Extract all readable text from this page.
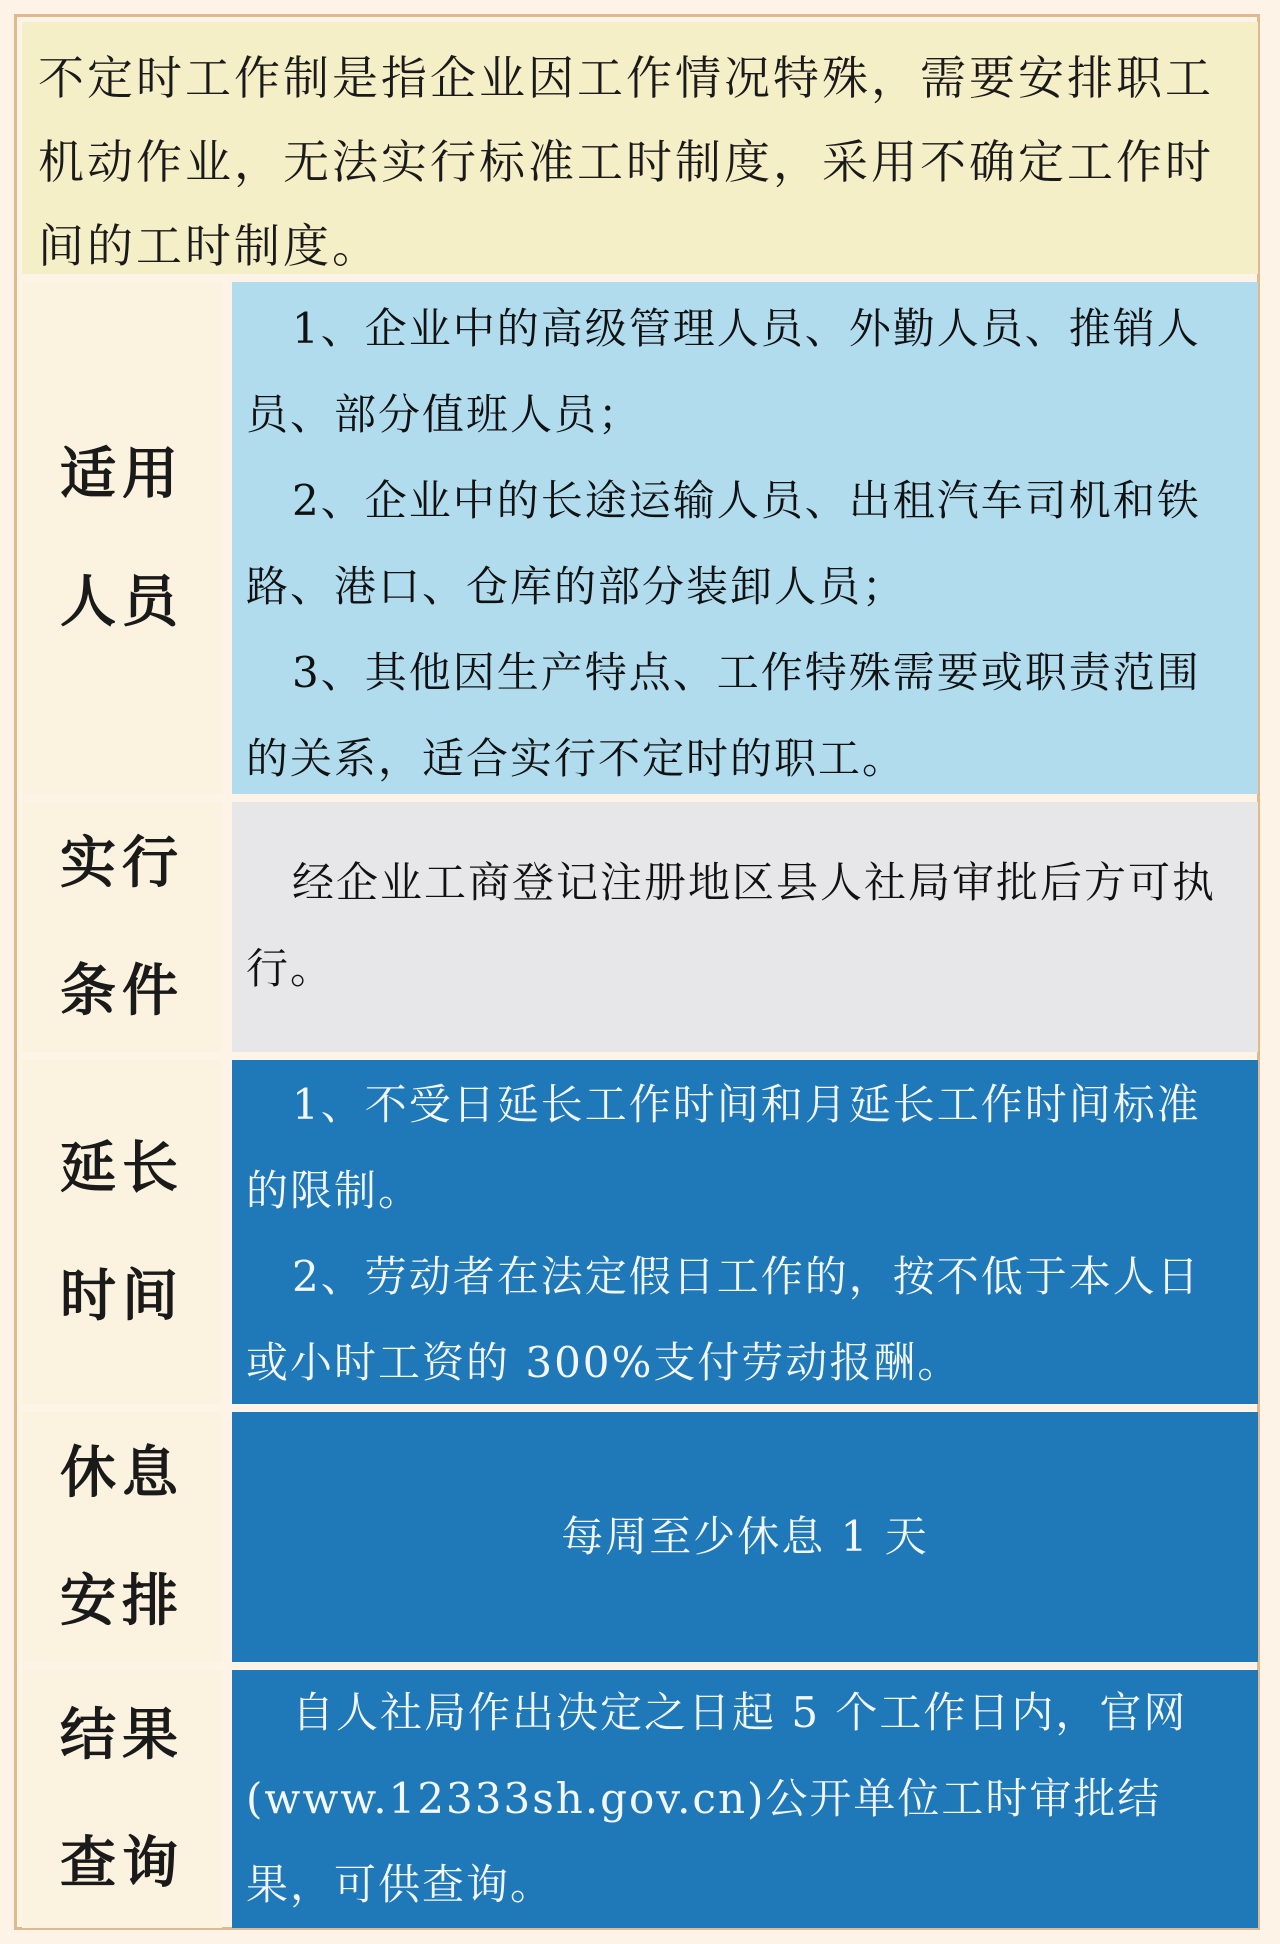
不定时工作制是指企业因工作情况特殊，需要安排职工机动作业，无法实行标准工时制度，采用不确定工作时间的工时制度。
适用
人员

1、企业中的高级管理人员、外勤人员、推销人员、部分值班人员；

2、企业中的长途运输人员、出租汽车司机和铁路、港口、仓库的部分装卸人员；

3、其他因生产特点、工作特殊需要或职责范围的关系，适合实行不定时的职工。

实行
条件

经企业工商登记注册地区县人社局审批后方可执行。

延长
时间

1、不受日延长工作时间和月延长工作时间标准的限制。

2、劳动者在法定假日工作的，按不低于本人日或小时工资的 300%支付劳动报酬。

休息
安排

每周至少休息 1 天

结果
查询

自人社局作出决定之日起 5 个工作日内，官网(www.12333sh.gov.cn)公开单位工时审批结果，可供查询。
